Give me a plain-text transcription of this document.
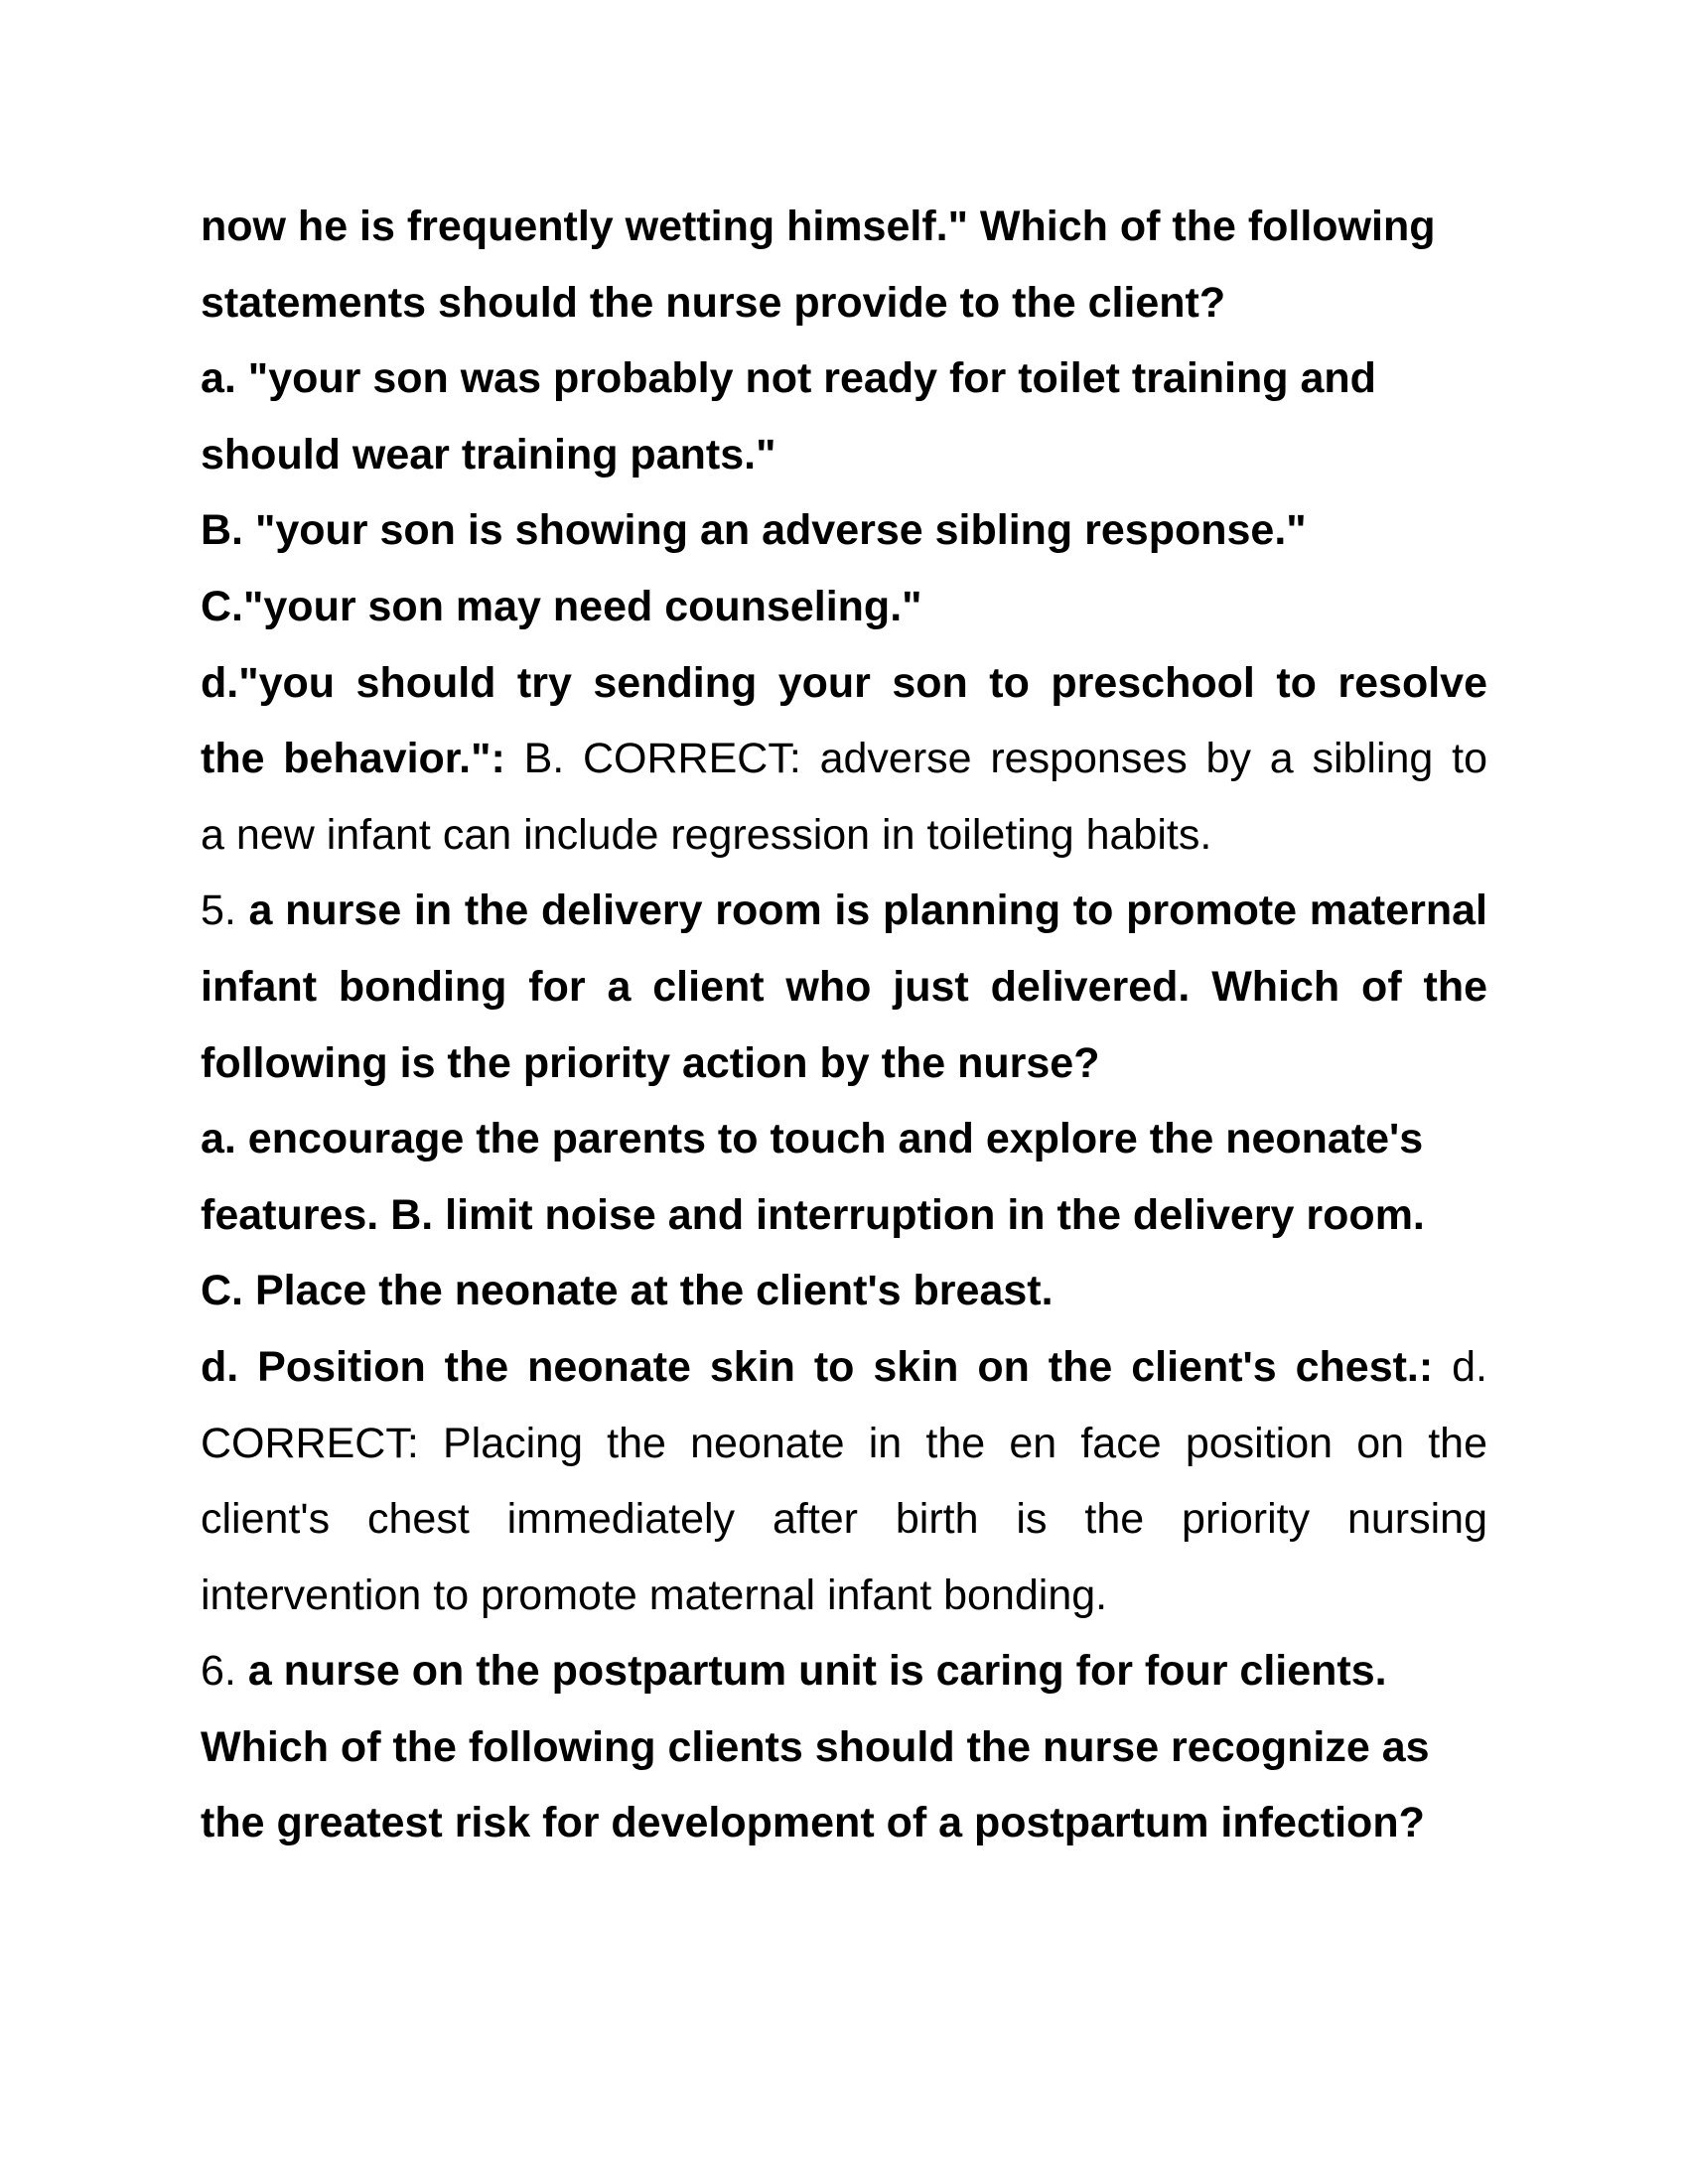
now he is frequently wetting himself." Which of the following
statements should the nurse provide to the client?
a. "your son was probably not ready for toilet training and
should wear training pants."
B. "your son is showing an adverse sibling response."
C."your son may need counseling."
d."you should try sending your son to preschool to resolve
the behavior.": B. CORRECT: adverse responses by a sibling to
a new infant can include regression in toileting habits.
5. a nurse in the delivery room is planning to promote maternal
infant bonding for a client who just delivered. Which of the
following is the priority action by the nurse?
a. encourage the parents to touch and explore the neonate's
features. B. limit noise and interruption in the delivery room.
C. Place the neonate at the client's breast.
d. Position the neonate skin to skin on the client's chest.: d.
CORRECT: Placing the neonate in the en face position on the
client's chest immediately after birth is the priority nursing
intervention to promote maternal infant bonding.
6. a nurse on the postpartum unit is caring for four clients.
Which of the following clients should the nurse recognize as
the greatest risk for development of a postpartum infection?
